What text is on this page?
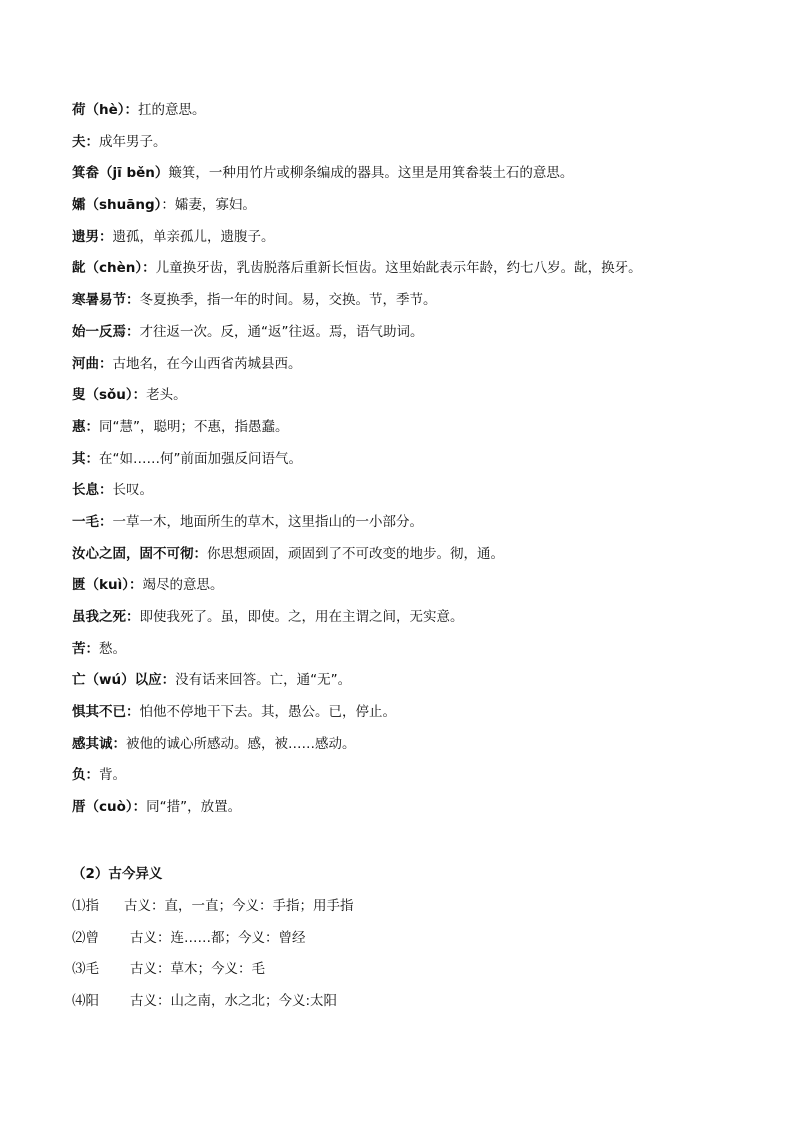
荷（hè）：扛的意思。
夫：成年男子。
箕畚（jī běn）簸箕，一种用竹片或柳条编成的器具。这里是用箕畚装土石的意思。
孀（shuāng）：孀妻，寡妇。
遗男：遗孤，单亲孤儿，遗腹子。
龀（chèn）：儿童换牙齿，乳齿脱落后重新长恒齿。这里始龀表示年龄，约七八岁。龀，换牙。
寒暑易节：冬夏换季，指一年的时间。易，交换。节，季节。
始一反焉：才往返一次。反，通“返”往返。焉，语气助词。
河曲：古地名，在今山西省芮城县西。
叟（sǒu）：老头。
惠：同“慧”，聪明；不惠，指愚蠢。
其：在“如……何”前面加强反问语气。
长息：长叹。
一毛：一草一木，地面所生的草木，这里指山的一小部分。
汝心之固，固不可彻：你思想顽固，顽固到了不可改变的地步。彻，通。
匮（kuì）：竭尽的意思。
虽我之死：即使我死了。虽，即使。之，用在主谓之间，无实意。
苦：愁。
亡（wú）以应：没有话来回答。亡，通“无”。
惧其不已：怕他不停地干下去。其，愚公。已，停止。
感其诚：被他的诚心所感动。感，被……感动。
负：背。
厝（cuò）：同“措”，放置。
（2）古今异义
⑴指 古义：直，一直；今义：手指；用手指
⑵曾 古义：连……都；今义：曾经
⑶毛 古义：草木；今义：毛
⑷阳 古义：山之南，水之北；今义:太阳
